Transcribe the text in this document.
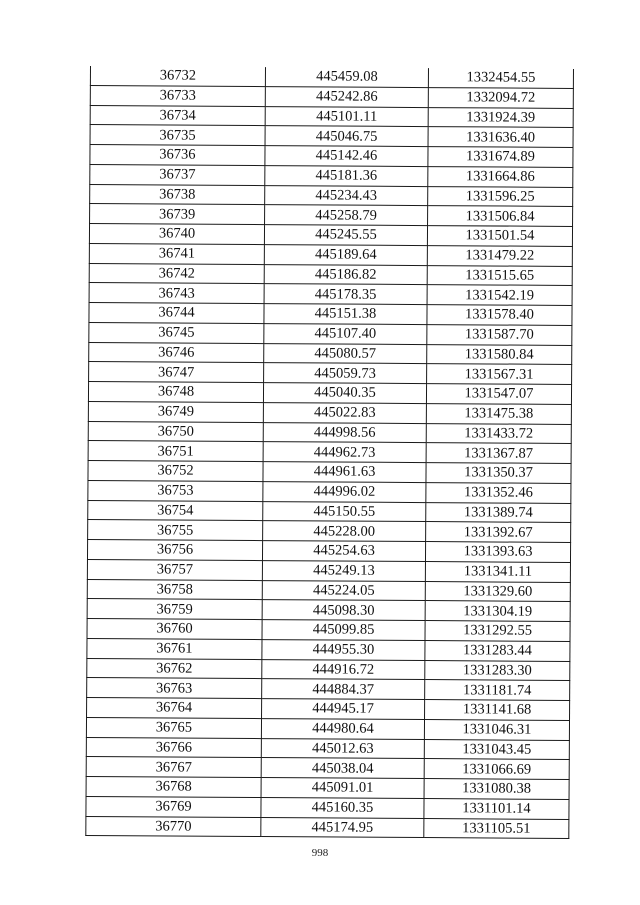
36732	445459.08	1332454.55
36733	445242.86	1332094.72
36734	445101.11	1331924.39
36735	445046.75	1331636.40
36736	445142.46	1331674.89
36737	445181.36	1331664.86
36738	445234.43	1331596.25
36739	445258.79	1331506.84
36740	445245.55	1331501.54
36741	445189.64	1331479.22
36742	445186.82	1331515.65
36743	445178.35	1331542.19
36744	445151.38	1331578.40
36745	445107.40	1331587.70
36746	445080.57	1331580.84
36747	445059.73	1331567.31
36748	445040.35	1331547.07
36749	445022.83	1331475.38
36750	444998.56	1331433.72
36751	444962.73	1331367.87
36752	444961.63	1331350.37
36753	444996.02	1331352.46
36754	445150.55	1331389.74
36755	445228.00	1331392.67
36756	445254.63	1331393.63
36757	445249.13	1331341.11
36758	445224.05	1331329.60
36759	445098.30	1331304.19
36760	445099.85	1331292.55
36761	444955.30	1331283.44
36762	444916.72	1331283.30
36763	444884.37	1331181.74
36764	444945.17	1331141.68
36765	444980.64	1331046.31
36766	445012.63	1331043.45
36767	445038.04	1331066.69
36768	445091.01	1331080.38
36769	445160.35	1331101.14
36770	445174.95	1331105.51
998
